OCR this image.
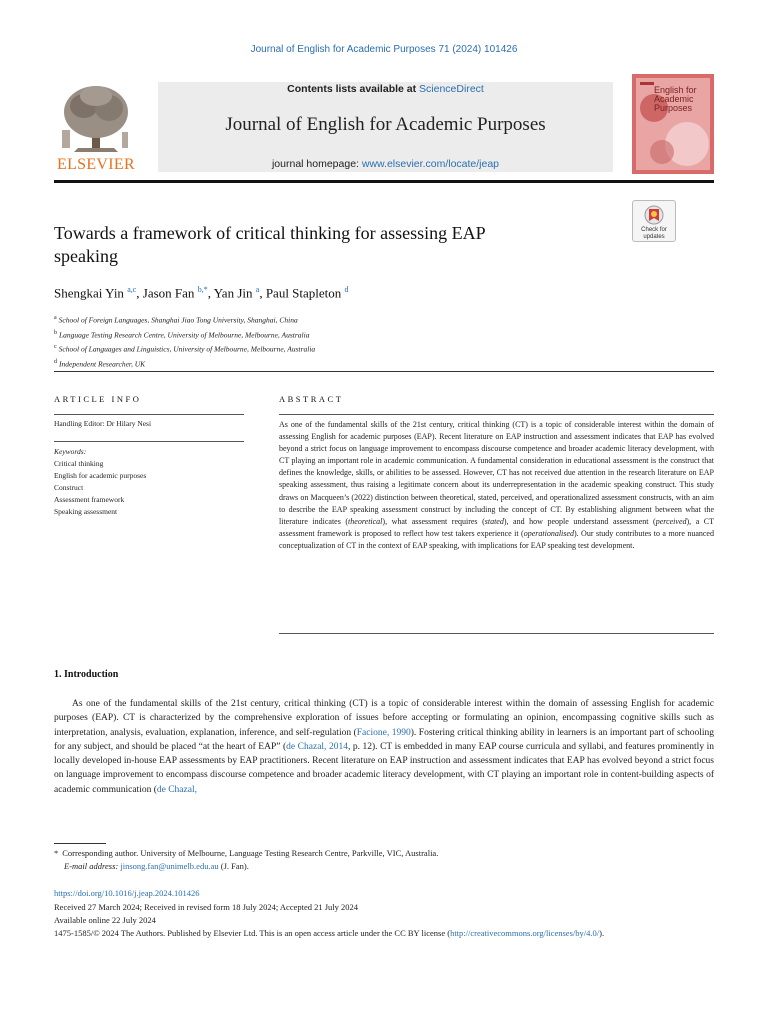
Journal of English for Academic Purposes 71 (2024) 101426
ELSEVIER
Contents lists available at ScienceDirect
Journal of English for Academic Purposes
journal homepage: www.elsevier.com/locate/jeap
English for Academic Purposes
Check for updates
Towards a framework of critical thinking for assessing EAP speaking
Shengkai Yin $^{a,c}$, Jason Fan $^{b,*}$, Yan Jin $^a$, Paul Stapleton $^d$
$^a$ School of Foreign Languages, Shanghai Jiao Tong University, Shanghai, China
$^b$ Language Testing Research Centre, University of Melbourne, Melbourne, Australia
$^c$ School of Languages and Linguistics, University of Melbourne, Melbourne, Australia
$^d$ Independent Researcher, UK
ARTICLE INFO	ABSTRACT
Handling Editor: Dr Hilary Nesi
Keywords:
Critical thinking
English for academic purposes
Construct
Assessment framework
Speaking assessment
As one of the fundamental skills of the 21st century, critical thinking (CT) is a topic of considerable interest within the domain of assessing English for academic purposes (EAP). Recent literature on EAP instruction and assessment indicates that EAP has evolved beyond a strict focus on language improvement to encompass discourse competence and broader academic literacy development, with CT playing an important role in academic communication. A fundamental consideration in educational assessment is the construct that defines the knowledge, skills, or abilities to be assessed. However, CT has not received due attention in the research literature on EAP speaking assessment, thus raising a legitimate concern about its underrepresentation in the academic speaking construct. This study draws on Macqueen’s (2022) distinction between theoretical, stated, perceived, and operationalized assessment constructs, with an aim to describe the EAP speaking assessment construct by including the concept of CT. By establishing alignment between what the literature indicates (theoretical), what assessment requires (stated), and how people understand assessment (perceived), a CT assessment framework is proposed to reflect how test takers experience it (operationalised). Our study contributes to a more nuanced conceptualization of CT in the context of EAP speaking, with implications for EAP speaking test development.
1. Introduction
As one of the fundamental skills of the 21st century, critical thinking (CT) is a topic of considerable interest within the domain of assessing English for academic purposes (EAP). CT is characterized by the comprehensive exploration of issues before accepting or formulating an opinion, encompassing cognitive skills such as interpretation, analysis, evaluation, explanation, inference, and self-regulation (Facione, 1990). Fostering critical thinking ability in learners is an important part of schooling for any subject, and should be placed “at the heart of EAP” (de Chazal, 2014, p. 12). CT is embedded in many EAP course curricula and syllabi, and features prominently in locally developed in-house EAP assessments by EAP practitioners. Recent literature on EAP instruction and assessment indicates that EAP has evolved beyond a strict focus on language improvement to encompass discourse competence and broader academic literacy development, with CT playing an important role in content-building aspects of academic communication (de Chazal,
* Corresponding author. University of Melbourne, Language Testing Research Centre, Parkville, VIC, Australia.
E-mail address: jinsong.fan@unimelb.edu.au (J. Fan).
https://doi.org/10.1016/j.jeap.2024.101426
Received 27 March 2024; Received in revised form 18 July 2024; Accepted 21 July 2024
Available online 22 July 2024
1475-1585/© 2024 The Authors. Published by Elsevier Ltd. This is an open access article under the CC BY license (http://creativecommons.org/licenses/by/4.0/).
